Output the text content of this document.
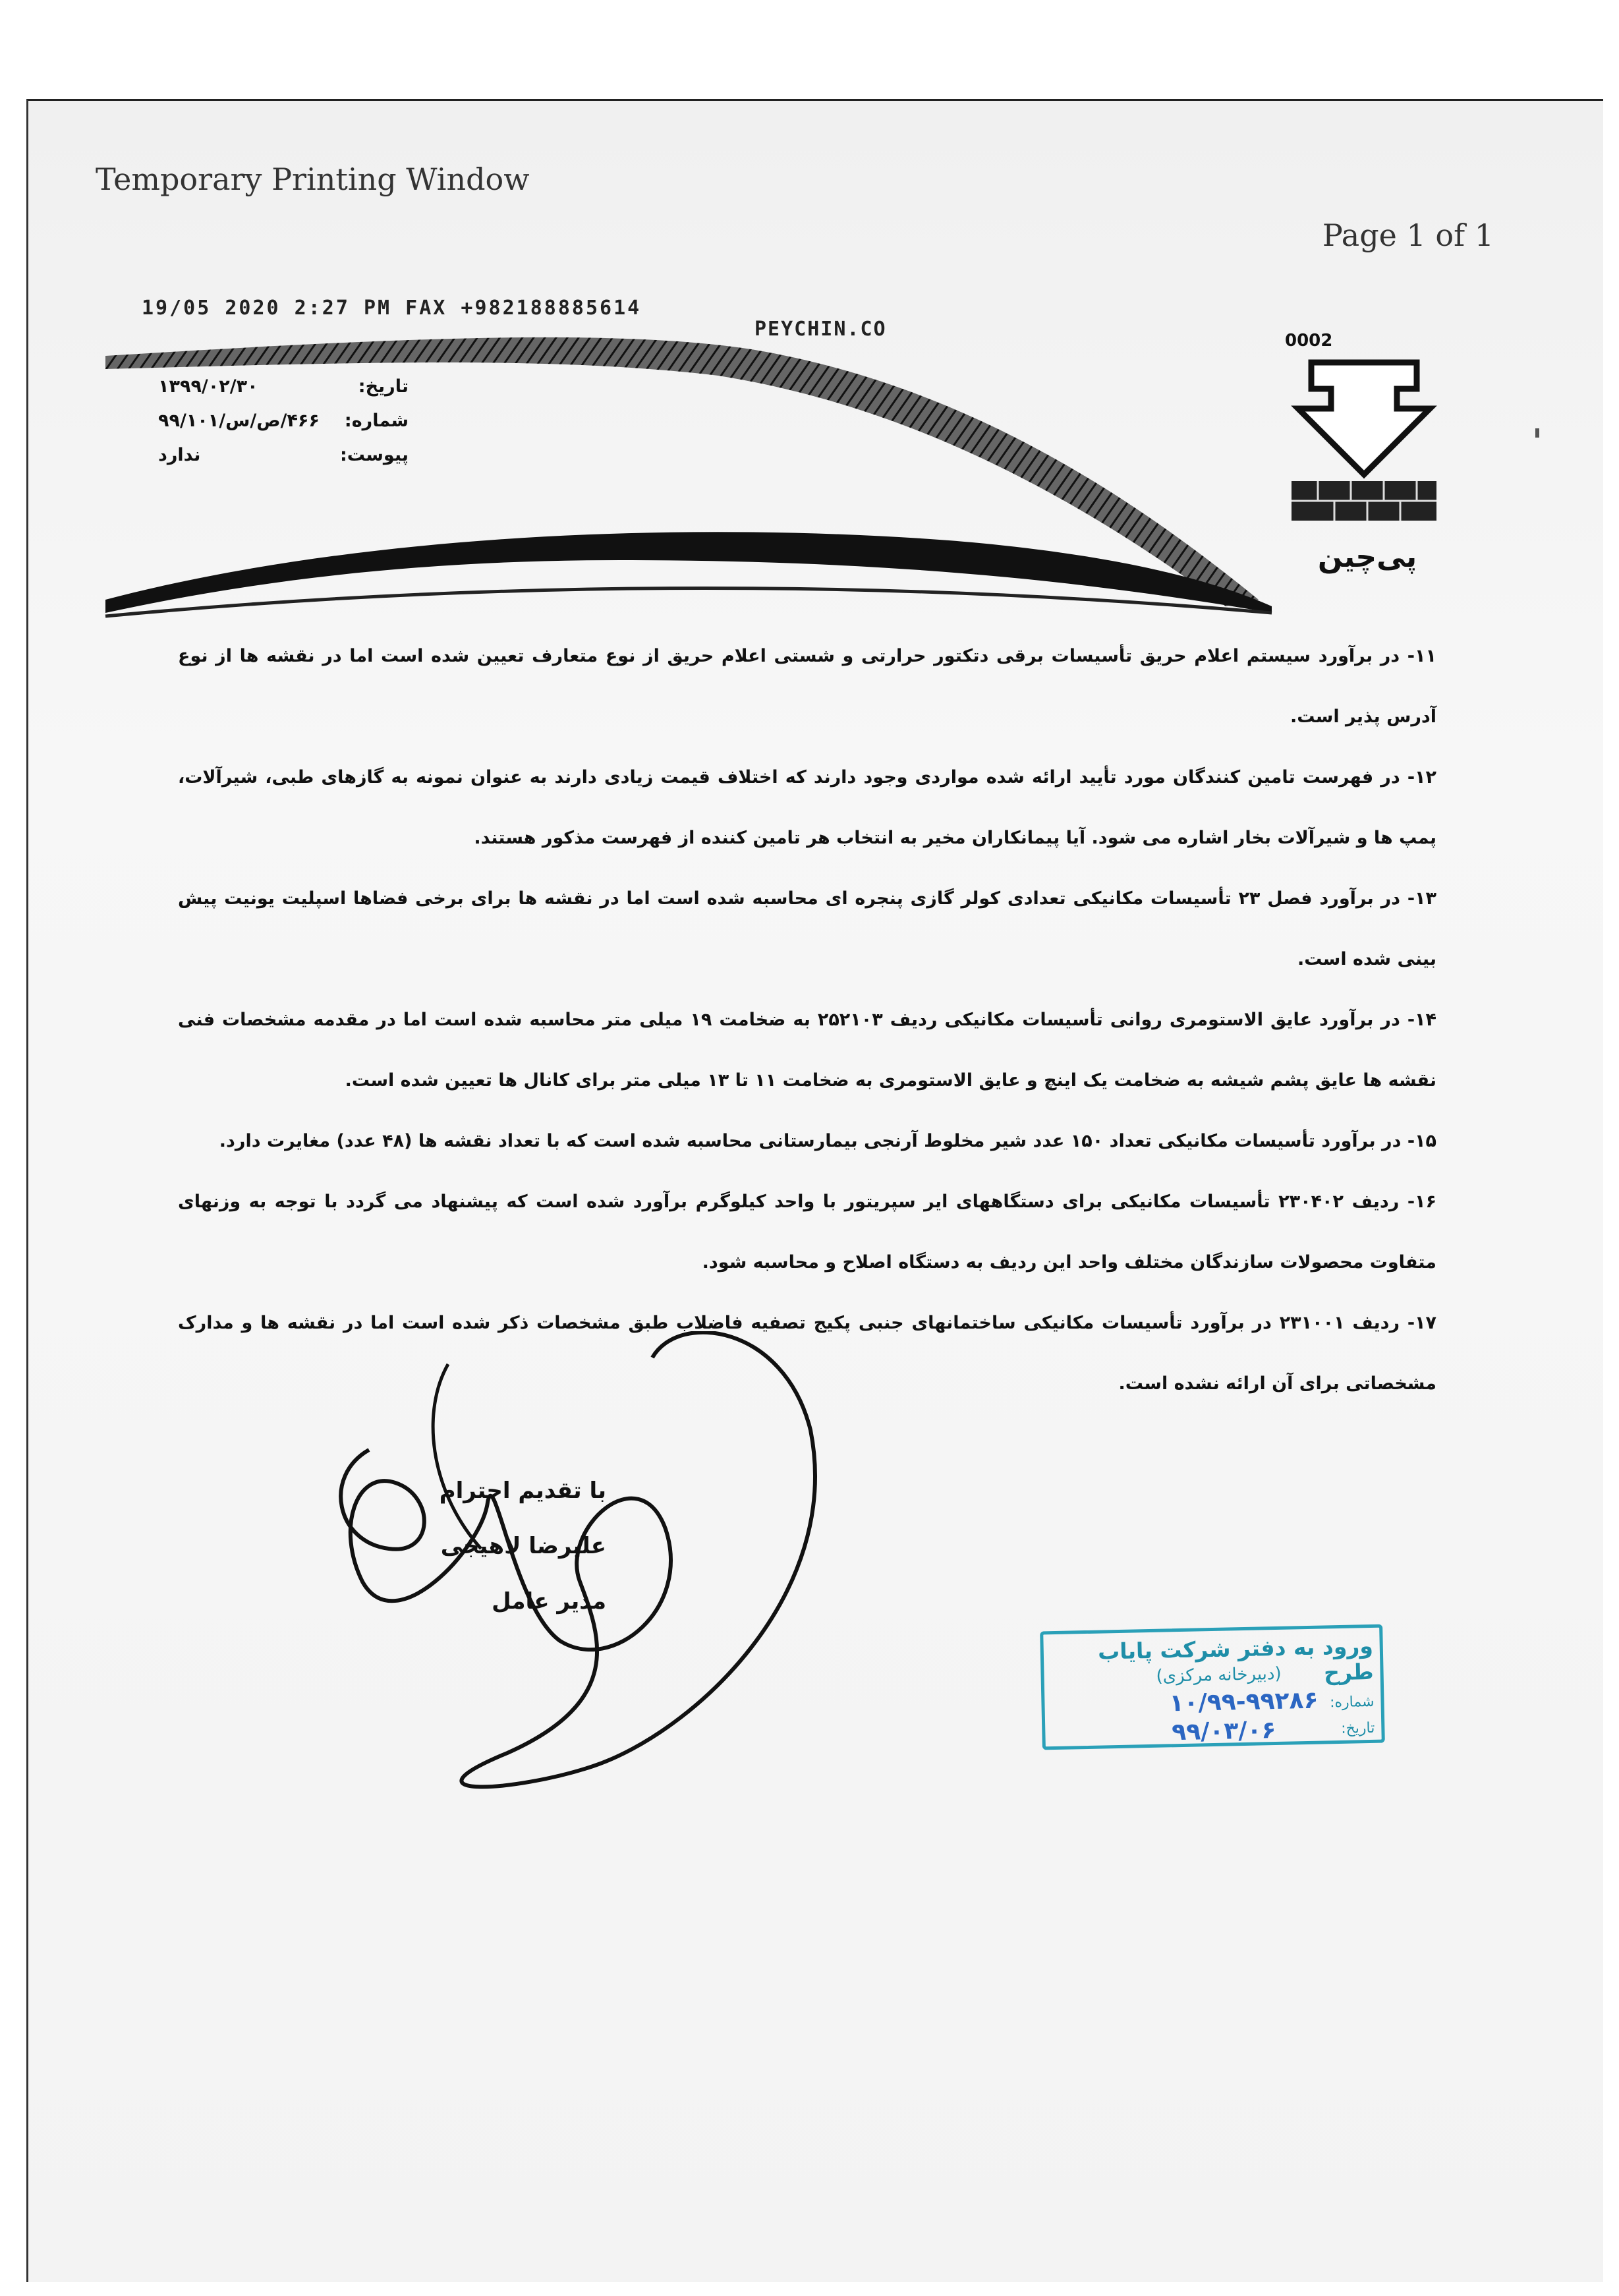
Temporary Printing Window
Page 1 of 1
19/05 2020 2:27 PM FAX +982188885614
PEYCHIN.CO
تاریخ:
۱۳۹۹/۰۲/۳۰
شماره:
۴۶۶/ص/س/۹۹/۱۰۱
پیوست:
ندارد
0002
پی‌چین

۱۱- در برآورد سیستم اعلام حریق تأسیسات برقی دتکتور حرارتی و شستی اعلام حریق از نوع متعارف تعیین شده است اما در نقشه ها از نوع آدرس پذیر است.

۱۲- در فهرست تامین کنندگان مورد تأیید ارائه شده مواردی وجود دارند که اختلاف قیمت زیادی دارند به عنوان نمونه به گازهای طبی، شیرآلات، پمپ ها و شیرآلات بخار اشاره می شود. آیا پیمانکاران مخیر به انتخاب هر تامین کننده از فهرست مذکور هستند.

۱۳- در برآورد فصل ۲۳ تأسیسات مکانیکی تعدادی کولر گازی پنجره ای محاسبه شده است اما در نقشه ها برای برخی فضاها اسپلیت یونیت پیش بینی شده است.

۱۴- در برآورد عایق الاستومری روانی تأسیسات مکانیکی ردیف ۲۵۲۱۰۳ به ضخامت ۱۹ میلی متر محاسبه شده است اما در مقدمه مشخصات فنی نقشه ها عایق پشم شیشه به ضخامت یک اینچ و عایق الاستومری به ضخامت ۱۱ تا ۱۳ میلی متر برای کانال ها تعیین شده است.

۱۵- در برآورد تأسیسات مکانیکی تعداد ۱۵۰ عدد شیر مخلوط آرنجی بیمارستانی محاسبه شده است که با تعداد نقشه ها (۴۸ عدد) مغایرت دارد.

۱۶- ردیف ۲۳۰۴۰۲ تأسیسات مکانیکی برای دستگاههای ایر سپریتور با واحد کیلوگرم برآورد شده است که پیشنهاد می گردد با توجه به وزنهای متفاوت محصولات سازندگان مختلف واحد این ردیف به دستگاه اصلاح و محاسبه شود.

۱۷- ردیف ۲۳۱۰۰۱ در برآورد تأسیسات مکانیکی ساختمانهای جنبی پکیج تصفیه فاضلاب طبق مشخصات ذکر شده است اما در نقشه ها و مدارک مشخصاتی برای آن ارائه نشده است.

با تقدیم احترام
علیرضا لاهیجی
مدیر عامل
ورود به دفتر شرکت پایاب طرح
(دبیرخانه مرکزی)
شماره:
۱۰/۹۹-۹۹۲۸۶
تاریخ:
۹۹/۰۳/۰۶
